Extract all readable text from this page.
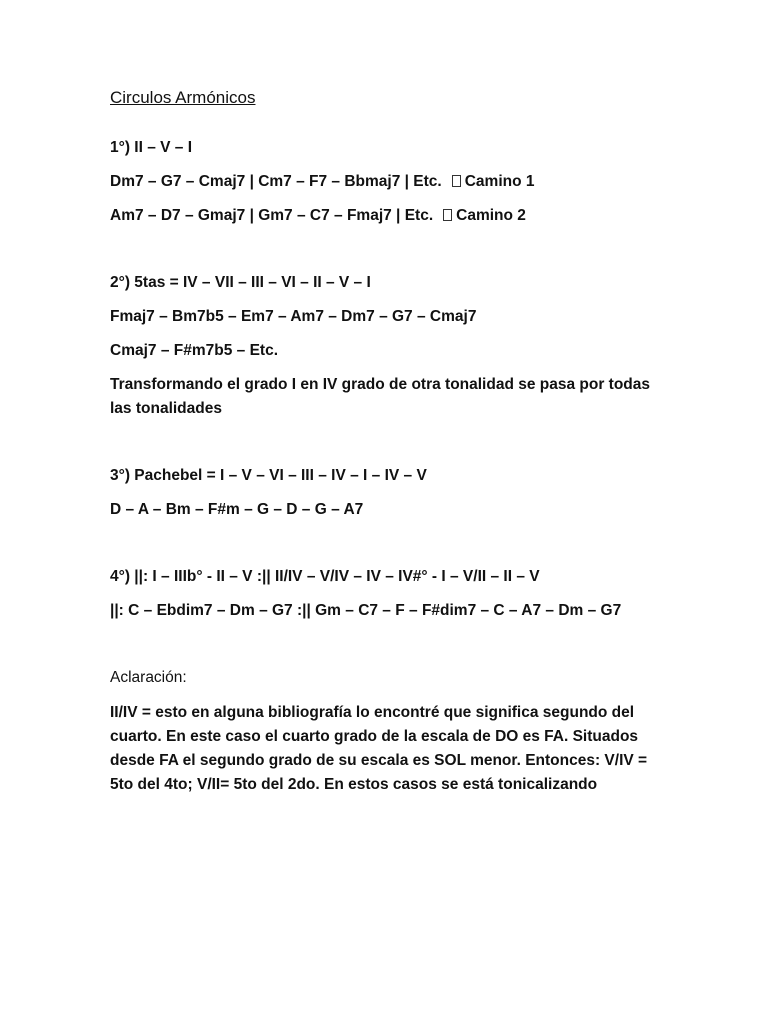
Circulos Armónicos

1°) II – V – I

Dm7 – G7 – Cmaj7 | Cm7 – F7 – Bbmaj7 | Etc. Camino 1

Am7 – D7 – Gmaj7 | Gm7 – C7 – Fmaj7 | Etc. Camino 2

2°) 5tas = IV – VII – III – VI – II – V – I

Fmaj7 – Bm7b5 – Em7 – Am7 – Dm7 – G7 – Cmaj7

Cmaj7 – F#m7b5 – Etc.

Transformando el grado I en IV grado de otra tonalidad se pasa por todas las tonalidades

3°) Pachebel = I – V – VI – III – IV – I – IV – V

D – A – Bm – F#m – G – D – G – A7

4°) ||: I – IIIb° - II – V :|| II/IV – V/IV – IV – IV#° - I – V/II – II – V

||: C – Ebdim7 – Dm – G7 :|| Gm – C7 – F – F#dim7 – C – A7 – Dm – G7

Aclaración:

II/IV = esto en alguna bibliografía lo encontré que significa segundo del cuarto. En este caso el cuarto grado de la escala de DO es FA. Situados desde FA el segundo grado de su escala es SOL menor. Entonces: V/IV = 5to del 4to; V/II= 5to del 2do. En estos casos se está tonicalizando
